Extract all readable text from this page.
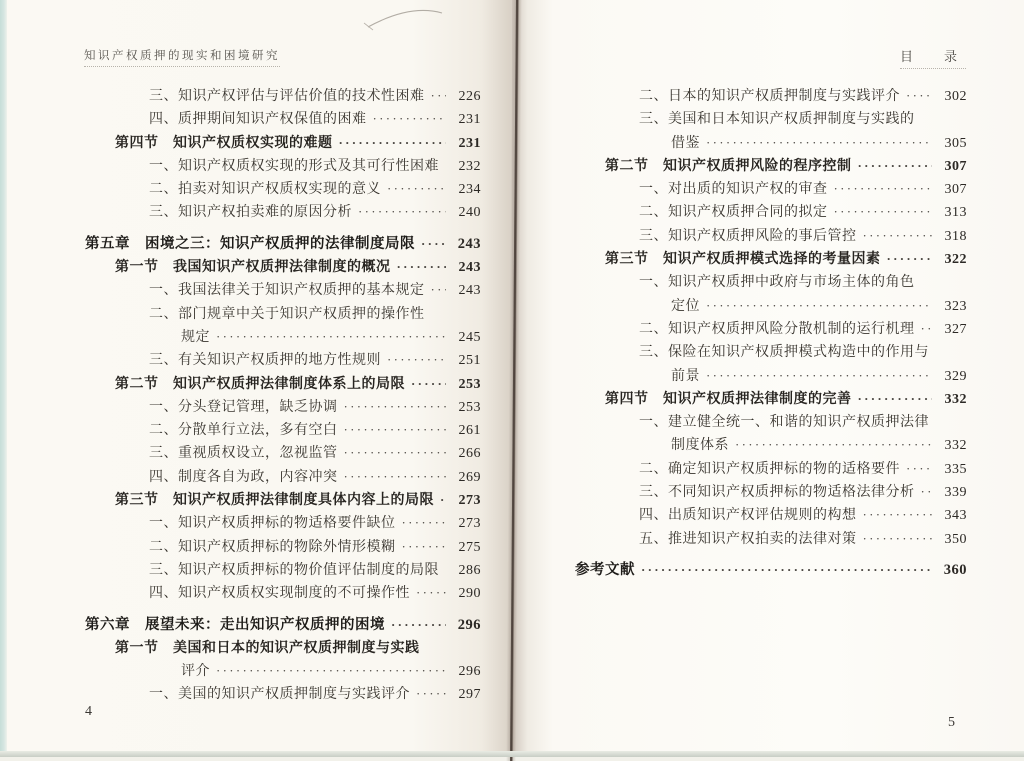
知识产权质押的现实和困境研究	目　录
三、知识产权评估与评估价值的技术性困难 ·····	226
四、质押期间知识产权保值的困难 ·····	231
第四节　知识产权质权实现的难题 ·····	231
一、知识产权质权实现的形式及其可行性困难 ·····	232
二、拍卖对知识产权质权实现的意义 ·····	234
三、知识产权拍卖难的原因分析 ·····	240
第五章　困境之三：知识产权质押的法律制度局限 ·····	243
第一节　我国知识产权质押法律制度的概况 ·····	243
一、我国法律关于知识产权质押的基本规定 ·····	243
二、部门规章中关于知识产权质押的操作性
规定 ·····	245
三、有关知识产权质押的地方性规则 ·····	251
第二节　知识产权质押法律制度体系上的局限 ·····	253
一、分头登记管理，缺乏协调 ·····	253
二、分散单行立法，多有空白 ·····	261
三、重视质权设立，忽视监管 ·····	266
四、制度各自为政，内容冲突 ·····	269
第三节　知识产权质押法律制度具体内容上的局限 ·····	273
一、知识产权质押标的物适格要件缺位 ·····	273
二、知识产权质押标的物除外情形模糊 ·····	275
三、知识产权质押标的物价值评估制度的局限 ·····	286
四、知识产权质权实现制度的不可操作性 ·····	290
第六章　展望未来：走出知识产权质押的困境 ·····	296
第一节　美国和日本的知识产权质押制度与实践
评介 ·····	296
一、美国的知识产权质押制度与实践评介 ·····	297
二、日本的知识产权质押制度与实践评介 ·····	302
三、美国和日本知识产权质押制度与实践的
借鉴 ·····	305
第二节　知识产权质押风险的程序控制 ·····	307
一、对出质的知识产权的审查 ·····	307
二、知识产权质押合同的拟定 ·····	313
三、知识产权质押风险的事后管控 ·····	318
第三节　知识产权质押模式选择的考量因素 ·····	322
一、知识产权质押中政府与市场主体的角色
定位 ·····	323
二、知识产权质押风险分散机制的运行机理 ·····	327
三、保险在知识产权质押模式构造中的作用与
前景 ·····	329
第四节　知识产权质押法律制度的完善 ·····	332
一、建立健全统一、和谐的知识产权质押法律
制度体系 ·····	332
二、确定知识产权质押标的物的适格要件 ·····	335
三、不同知识产权质押标的物适格法律分析 ·····	339
四、出质知识产权评估规则的构想 ·····	343
五、推进知识产权拍卖的法律对策 ·····	350
参考文献 ·····	360
4
5
